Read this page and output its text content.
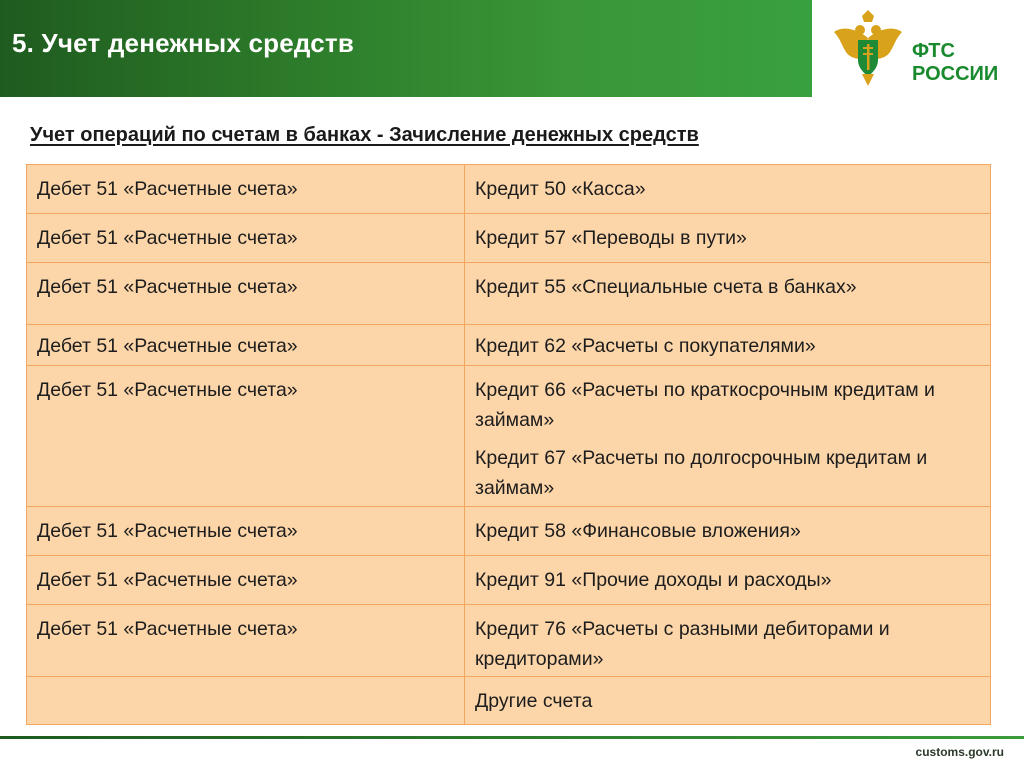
5. Учет денежных средств	ФТС
РОССИИ
Учет операций по счетам в банках - Зачисление денежных средств
Дебет 51 «Расчетные счета»	Кредит 50 «Касса»

Дебет 51 «Расчетные счета»	Кредит 57 «Переводы в пути»

Дебет 51 «Расчетные счета»	Кредит 55 «Специальные счета в банках»

Дебет 51 «Расчетные счета»	Кредит 62 «Расчеты с покупателями»

Дебет 51 «Расчетные счета»	Кредит 66 «Расчеты по краткосрочным кредитам и займам»
Кредит 67 «Расчеты по долгосрочным кредитам и займам»

Дебет 51 «Расчетные счета»	Кредит 58 «Финансовые вложения»

Дебет 51 «Расчетные счета»	Кредит 91 «Прочие доходы и расходы»

Дебет 51 «Расчетные счета»	Кредит 76 «Расчеты с разными дебиторами и кредиторами»

	Другие счета
customs.gov.ru
